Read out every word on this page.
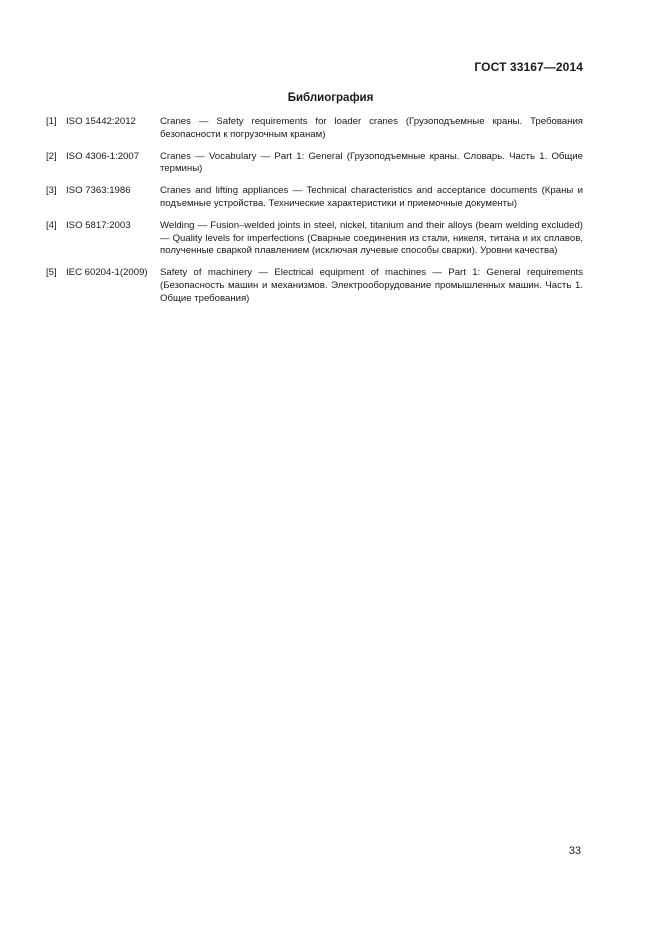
ГОСТ 33167—2014
Библиография
[1] ISO 15442:2012	Cranes — Safety requirements for loader cranes (Грузоподъемные краны. Требования безопасности к погрузочным кранам)
[2] ISO 4306-1:2007	Cranes — Vocabulary — Part 1: General (Грузоподъемные краны. Словарь. Часть 1. Общие термины)
[3] ISO 7363:1986	Cranes and lifting appliances — Technical characteristics and acceptance documents (Краны и подъемные устройства. Технические характеристики и приемочные документы)
[4] ISO 5817:2003	Welding — Fusion–welded joints in steel, nickel, titanium and their alloys (beam welding excluded) — Quality levels for imperfections (Сварные соединения из стали, никеля, титана и их сплавов, полученные сваркой плавлением (исключая лучевые способы сварки). Уровни качества)
[5] IEC 60204-1(2009)	Safety of machinery — Electrical equipment of machines — Part 1: General requirements (Безопасность машин и механизмов. Электрооборудование промышленных машин. Часть 1. Общие требования)
33
